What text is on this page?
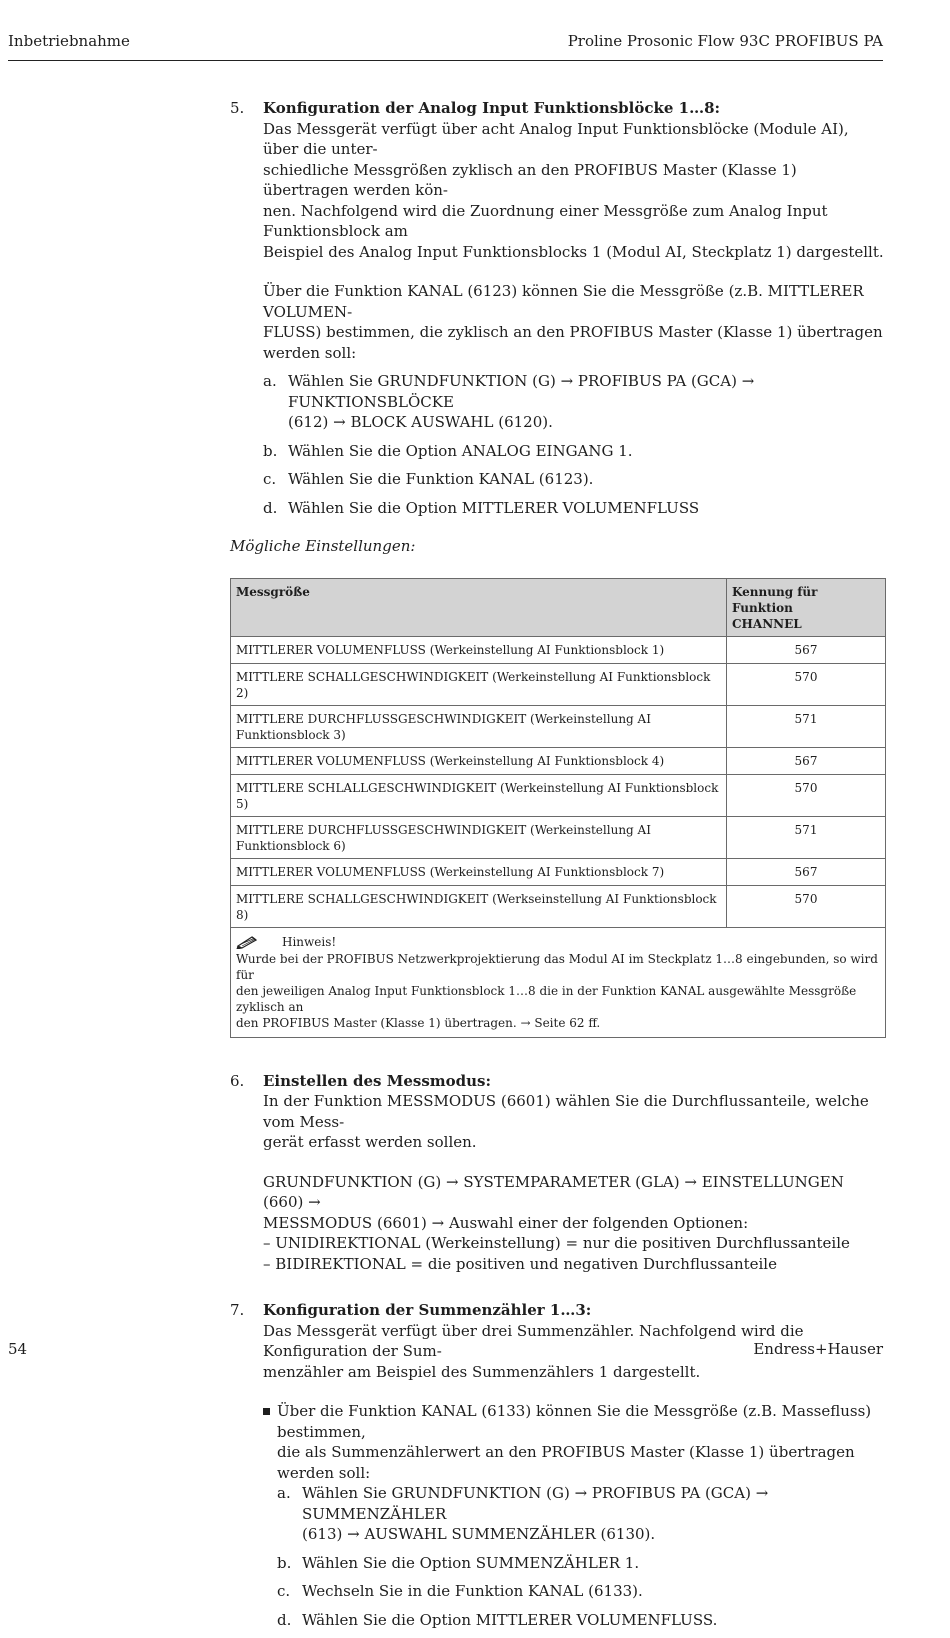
Inbetriebnahme	Proline Prosonic Flow 93C PROFIBUS PA
5. Konfiguration der Analog Input Funktionsblöcke 1…8:
Das Messgerät verfügt über acht Analog Input Funktionsblöcke (Module AI), über die unter-
schiedliche Messgrößen zyklisch an den PROFIBUS Master (Klasse 1) übertragen werden kön-
nen. Nachfolgend wird die Zuordnung einer Messgröße zum Analog Input Funktionsblock am
Beispiel des Analog Input Funktionsblocks 1 (Modul AI, Steckplatz 1) dargestellt.
Über die Funktion KANAL (6123) können Sie die Messgröße (z.B. MITTLERER VOLUMEN-
FLUSS) bestimmen, die zyklisch an den PROFIBUS Master (Klasse 1) übertragen werden soll:
a. Wählen Sie GRUNDFUNKTION (G) → PROFIBUS PA (GCA) → FUNKTIONSBLÖCKE
(612) → BLOCK AUSWAHL (6120).
b. Wählen Sie die Option ANALOG EINGANG 1.
c. Wählen Sie die Funktion KANAL (6123).
d. Wählen Sie die Option MITTLERER VOLUMENFLUSS

Mögliche Einstellungen:

Messgröße	Kennung für Funktion
CHANNEL

MITTLERER VOLUMENFLUSS (Werkeinstellung AI Funktionsblock 1)	567
MITTLERE SCHALLGESCHWINDIGKEIT (Werkeinstellung AI Funktionsblock 2)	570
MITTLERE DURCHFLUSSGESCHWINDIGKEIT (Werkeinstellung AI Funktionsblock 3)	571
MITTLERER VOLUMENFLUSS (Werkeinstellung AI Funktionsblock 4)	567
MITTLERE SCHLALLGESCHWINDIGKEIT (Werkeinstellung AI Funktionsblock 5)	570
MITTLERE DURCHFLUSSGESCHWINDIGKEIT (Werkeinstellung AI Funktionsblock 6)	571
MITTLERER VOLUMENFLUSS (Werkeinstellung AI Funktionsblock 7)	567
MITTLERE SCHALLGESCHWINDIGKEIT (Werkseinstellung AI Funktionsblock 8)	570

Hinweis!
Wurde bei der PROFIBUS Netzwerkprojektierung das Modul AI im Steckplatz 1…8 eingebunden, so wird für
den jeweiligen Analog Input Funktionsblock 1…8 die in der Funktion KANAL ausgewählte Messgröße zyklisch an
den PROFIBUS Master (Klasse 1) übertragen. → Seite 62 ff.	
6. Einstellen des Messmodus:
In der Funktion MESSMODUS (6601) wählen Sie die Durchflussanteile, welche vom Mess-
gerät erfasst werden sollen.
GRUNDFUNKTION (G) → SYSTEMPARAMETER (GLA) → EINSTELLUNGEN (660) →
MESSMODUS (6601) → Auswahl einer der folgenden Optionen:
– UNIDIREKTIONAL (Werkeinstellung) = nur die positiven Durchflussanteile
– BIDIREKTIONAL = die positiven und negativen Durchflussanteile
7. Konfiguration der Summenzähler 1…3:
Das Messgerät verfügt über drei Summenzähler. Nachfolgend wird die Konfiguration der Sum-
menzähler am Beispiel des Summenzählers 1 dargestellt.
Über die Funktion KANAL (6133) können Sie die Messgröße (z.B. Massefluss) bestimmen,
die als Summenzählerwert an den PROFIBUS Master (Klasse 1) übertragen werden soll:
a. Wählen Sie GRUNDFUNKTION (G) → PROFIBUS PA (GCA) → SUMMENZÄHLER
(613) → AUSWAHL SUMMENZÄHLER (6130).
b. Wählen Sie die Option SUMMENZÄHLER 1.
c. Wechseln Sie in die Funktion KANAL (6133).
d. Wählen Sie die Option MITTLERER VOLUMENFLUSS.
54	Endress+Hauser
